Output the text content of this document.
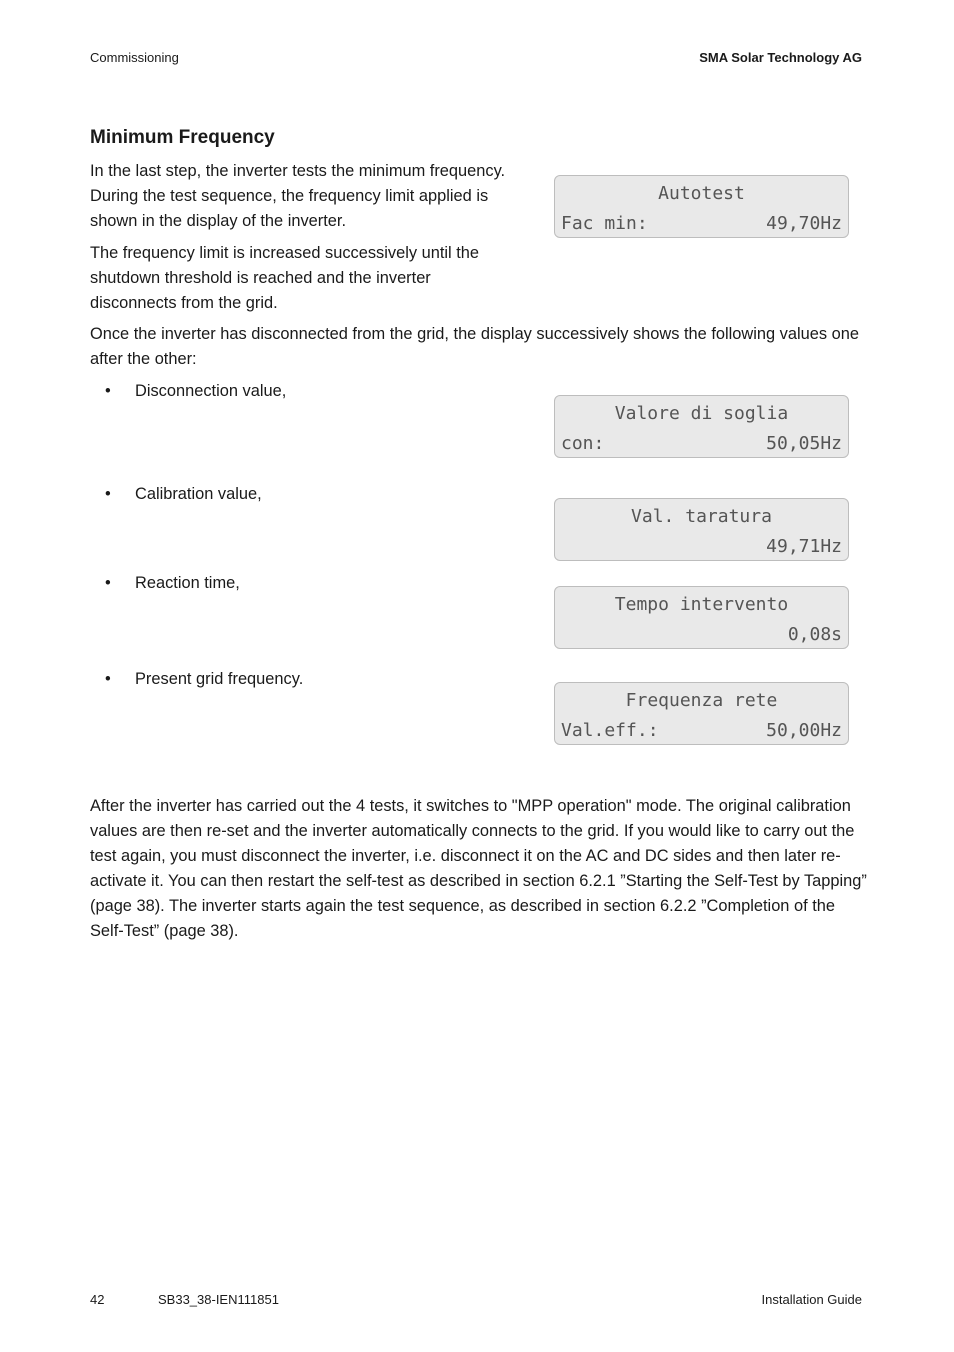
Commissioning	SMA Solar Technology AG
Minimum Frequency

In the last step, the inverter tests the minimum frequency. During the test sequence, the frequency limit applied is shown in the display of the inverter.

The frequency limit is increased successively until the shutdown threshold is reached and the inverter disconnects from the grid.

Once the inverter has disconnected from the grid, the display successively shows the following values one after the other:

• Disconnection value,
• Calibration value,
• Reaction time,
• Present grid frequency.
Autotest
Fac min:	49,70Hz
Valore di soglia
con:	50,05Hz
Val. taratura
49,71Hz
Tempo intervento
0,08s
Frequenza rete
Val.eff.:	50,00Hz

After the inverter has carried out the 4 tests, it switches to "MPP operation" mode. The original calibration values are then re-set and the inverter automatically connects to the grid. If you would like to carry out the test again, you must disconnect the inverter, i.e. disconnect it on the AC and DC sides and then later re-activate it. You can then restart the self-test as described in section 6.2.1 ”Starting the Self-Test by Tapping” (page 38). The inverter starts again the test sequence, as described in section 6.2.2 ”Completion of the Self-Test” (page 38).

42	SB33_38-IEN111851	Installation Guide
